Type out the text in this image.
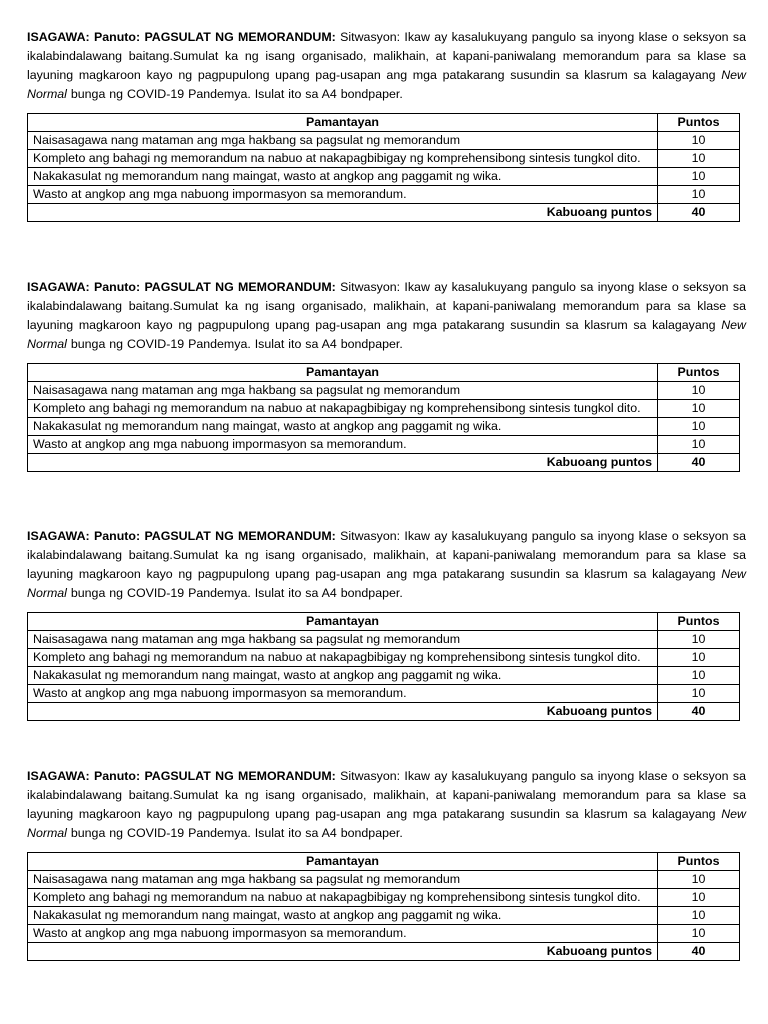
ISAGAWA: Panuto: PAGSULAT NG MEMORANDUM: Sitwasyon: Ikaw ay kasalukuyang pangulo sa inyong klase o seksyon sa ikalabindalawang baitang.Sumulat ka ng isang organisado, malikhain, at kapani-paniwalang memorandum para sa klase sa layuning magkaroon kayo ng pagpupulong upang pag-usapan ang mga patakarang susundin sa klasrum sa kalagayang New Normal bunga ng COVID-19 Pandemya. Isulat ito sa A4 bondpaper.

Pamantayan	Puntos
Naisasagawa nang mataman ang mga hakbang sa pagsulat ng memorandum	10
Kompleto ang bahagi ng memorandum na nabuo at nakapagbibigay ng komprehensibong sintesis tungkol dito.	10
Nakakasulat ng memorandum nang maingat, wasto at angkop ang paggamit ng wika.	10
Wasto at angkop ang mga nabuong impormasyon sa memorandum.	10
Kabuoang puntos	40

ISAGAWA: Panuto: PAGSULAT NG MEMORANDUM: Sitwasyon: Ikaw ay kasalukuyang pangulo sa inyong klase o seksyon sa ikalabindalawang baitang.Sumulat ka ng isang organisado, malikhain, at kapani-paniwalang memorandum para sa klase sa layuning magkaroon kayo ng pagpupulong upang pag-usapan ang mga patakarang susundin sa klasrum sa kalagayang New Normal bunga ng COVID-19 Pandemya. Isulat ito sa A4 bondpaper.

Pamantayan	Puntos
Naisasagawa nang mataman ang mga hakbang sa pagsulat ng memorandum	10
Kompleto ang bahagi ng memorandum na nabuo at nakapagbibigay ng komprehensibong sintesis tungkol dito.	10
Nakakasulat ng memorandum nang maingat, wasto at angkop ang paggamit ng wika.	10
Wasto at angkop ang mga nabuong impormasyon sa memorandum.	10
Kabuoang puntos	40

ISAGAWA: Panuto: PAGSULAT NG MEMORANDUM: Sitwasyon: Ikaw ay kasalukuyang pangulo sa inyong klase o seksyon sa ikalabindalawang baitang.Sumulat ka ng isang organisado, malikhain, at kapani-paniwalang memorandum para sa klase sa layuning magkaroon kayo ng pagpupulong upang pag-usapan ang mga patakarang susundin sa klasrum sa kalagayang New Normal bunga ng COVID-19 Pandemya. Isulat ito sa A4 bondpaper.

Pamantayan	Puntos
Naisasagawa nang mataman ang mga hakbang sa pagsulat ng memorandum	10
Kompleto ang bahagi ng memorandum na nabuo at nakapagbibigay ng komprehensibong sintesis tungkol dito.	10
Nakakasulat ng memorandum nang maingat, wasto at angkop ang paggamit ng wika.	10
Wasto at angkop ang mga nabuong impormasyon sa memorandum.	10
Kabuoang puntos	40

ISAGAWA: Panuto: PAGSULAT NG MEMORANDUM: Sitwasyon: Ikaw ay kasalukuyang pangulo sa inyong klase o seksyon sa ikalabindalawang baitang.Sumulat ka ng isang organisado, malikhain, at kapani-paniwalang memorandum para sa klase sa layuning magkaroon kayo ng pagpupulong upang pag-usapan ang mga patakarang susundin sa klasrum sa kalagayang New Normal bunga ng COVID-19 Pandemya. Isulat ito sa A4 bondpaper.

Pamantayan	Puntos
Naisasagawa nang mataman ang mga hakbang sa pagsulat ng memorandum	10
Kompleto ang bahagi ng memorandum na nabuo at nakapagbibigay ng komprehensibong sintesis tungkol dito.	10
Nakakasulat ng memorandum nang maingat, wasto at angkop ang paggamit ng wika.	10
Wasto at angkop ang mga nabuong impormasyon sa memorandum.	10
Kabuoang puntos	40
